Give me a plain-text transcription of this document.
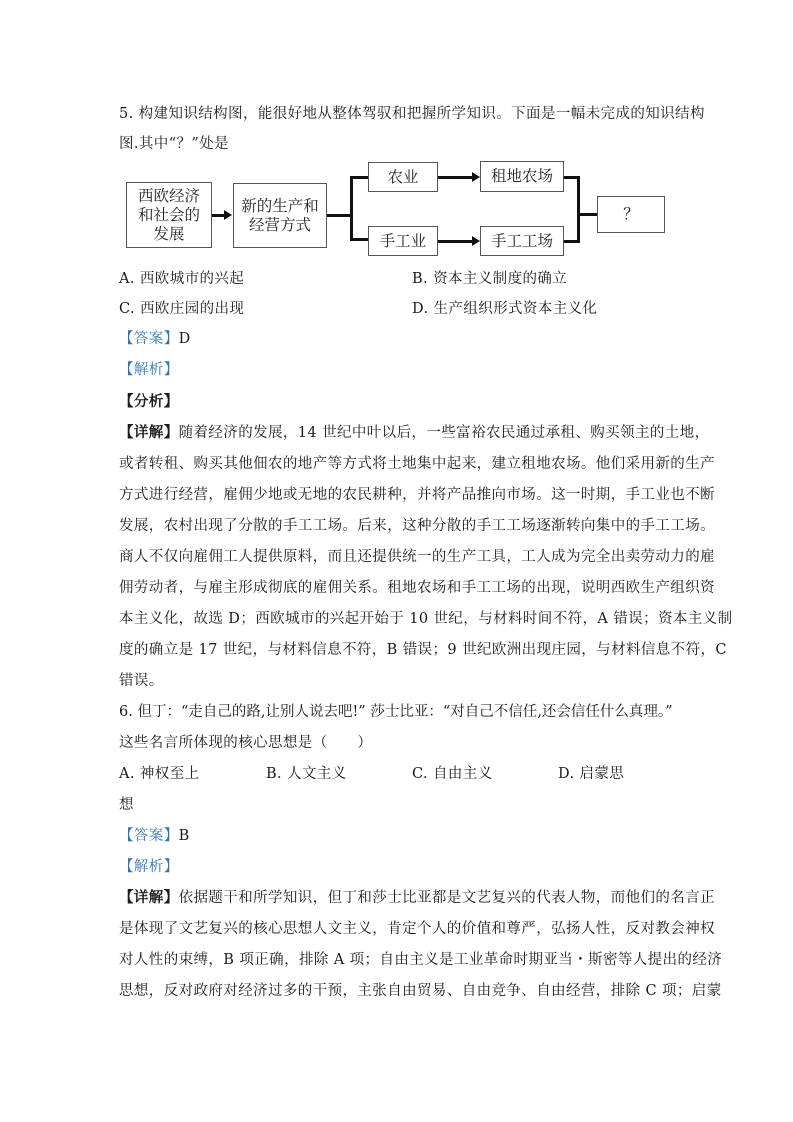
5. 构建知识结构图，能很好地从整体驾驭和把握所学知识。下面是一幅未完成的知识结构
图.其中“？”处是
西欧经济
和社会的
发展
新的生产和
经营方式
农业
手工业
租地农场
手工工场
？
A. 西欧城市的兴起	B. 资本主义制度的确立
C. 西欧庄园的出现	D. 生产组织形式资本主义化
【答案】D
【解析】
【分析】
【详解】随着经济的发展，14 世纪中叶以后，一些富裕农民通过承租、购买领主的土地，
或者转租、购买其他佃农的地产等方式将土地集中起来，建立租地农场。他们采用新的生产
方式进行经营，雇佣少地或无地的农民耕种，并将产品推向市场。这一时期，手工业也不断
发展，农村出现了分散的手工工场。后来，这种分散的手工工场逐渐转向集中的手工工场。
商人不仅向雇佣工人提供原料，而且还提供统一的生产工具，工人成为完全出卖劳动力的雇
佣劳动者，与雇主形成彻底的雇佣关系。租地农场和手工工场的出现，说明西欧生产组织资
本主义化，故选 D；西欧城市的兴起开始于 10 世纪，与材料时间不符，A 错误；资本主义制
度的确立是 17 世纪，与材料信息不符，B 错误；9 世纪欧洲出现庄园，与材料信息不符，C
错误。
6. 但丁：“走自己的路,让别人说去吧!” 莎士比亚：“对自己不信任,还会信任什么真理。”
这些名言所体现的核心思想是（　　）
A. 神权至上	B. 人文主义	C. 自由主义	D. 启蒙思
想
【答案】B
【解析】
【详解】依据题干和所学知识，但丁和莎士比亚都是文艺复兴的代表人物，而他们的名言正
是体现了文艺复兴的核心思想人文主义，肯定个人的价值和尊严，弘扬人性，反对教会神权
对人性的束缚，B 项正确，排除 A 项；自由主义是工业革命时期亚当・斯密等人提出的经济
思想，反对政府对经济过多的干预，主张自由贸易、自由竞争、自由经营，排除 C 项；启蒙
